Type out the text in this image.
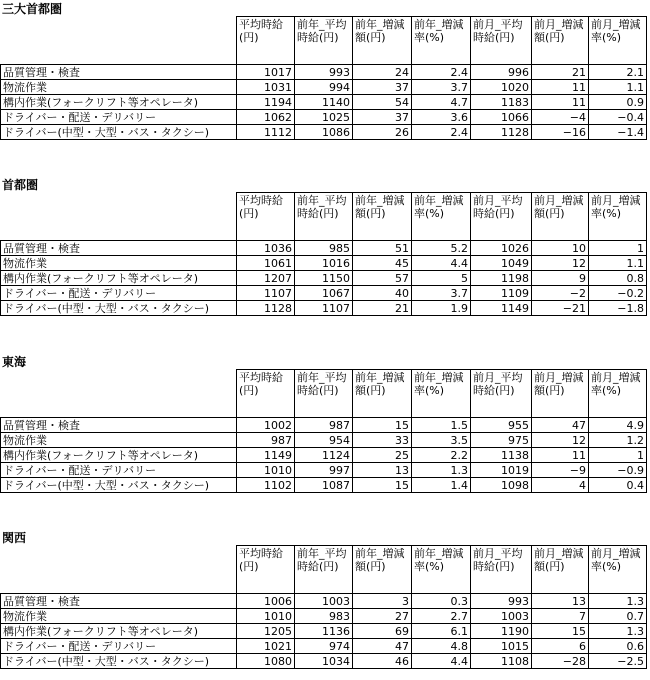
三大首都圏
	平均時給(円)	前年_平均時給(円)	前年_増減額(円)	前年_増減率(%)	前月_平均時給(円)	前月_増減額(円)	前月_増減率(%)
品質管理・検査	1017	993	24	2.4	996	21	2.1
物流作業	1031	994	37	3.7	1020	11	1.1
構内作業(フォークリフト等オペレータ)	1194	1140	54	4.7	1183	11	0.9
ドライバー・配送・デリバリー	1062	1025	37	3.6	1066	−4	−0.4
ドライバー(中型・大型・バス・タクシー)	1112	1086	26	2.4	1128	−16	−1.4
首都圏
	平均時給(円)	前年_平均時給(円)	前年_増減額(円)	前年_増減率(%)	前月_平均時給(円)	前月_増減額(円)	前月_増減率(%)
品質管理・検査	1036	985	51	5.2	1026	10	1
物流作業	1061	1016	45	4.4	1049	12	1.1
構内作業(フォークリフト等オペレータ)	1207	1150	57	5	1198	9	0.8
ドライバー・配送・デリバリー	1107	1067	40	3.7	1109	−2	−0.2
ドライバー(中型・大型・バス・タクシー)	1128	1107	21	1.9	1149	−21	−1.8
東海
	平均時給(円)	前年_平均時給(円)	前年_増減額(円)	前年_増減率(%)	前月_平均時給(円)	前月_増減額(円)	前月_増減率(%)
品質管理・検査	1002	987	15	1.5	955	47	4.9
物流作業	987	954	33	3.5	975	12	1.2
構内作業(フォークリフト等オペレータ)	1149	1124	25	2.2	1138	11	1
ドライバー・配送・デリバリー	1010	997	13	1.3	1019	−9	−0.9
ドライバー(中型・大型・バス・タクシー)	1102	1087	15	1.4	1098	4	0.4
関西
	平均時給(円)	前年_平均時給(円)	前年_増減額(円)	前年_増減率(%)	前月_平均時給(円)	前月_増減額(円)	前月_増減率(%)
品質管理・検査	1006	1003	3	0.3	993	13	1.3
物流作業	1010	983	27	2.7	1003	7	0.7
構内作業(フォークリフト等オペレータ)	1205	1136	69	6.1	1190	15	1.3
ドライバー・配送・デリバリー	1021	974	47	4.8	1015	6	0.6
ドライバー(中型・大型・バス・タクシー)	1080	1034	46	4.4	1108	−28	−2.5
